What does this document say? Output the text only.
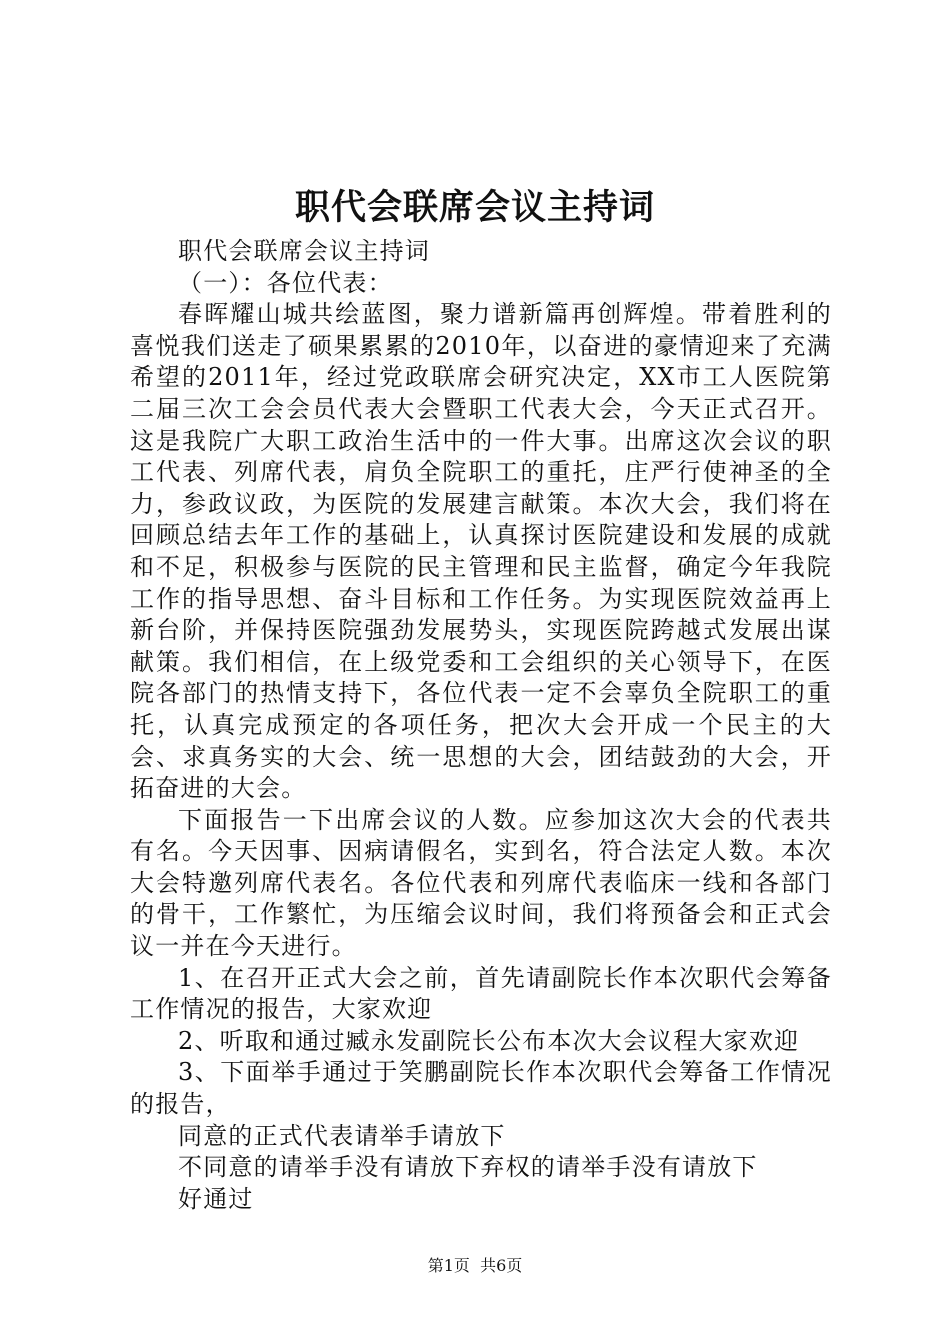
职代会联席会议主持词

职代会联席会议主持词

（一）：各位代表：

春晖耀山城共绘蓝图，聚力谱新篇再创辉煌。带着胜利的喜悦我们送走了硕果累累的2010年，以奋进的豪情迎来了充满希望的2011年，经过党政联席会研究决定，XX市工人医院第二届三次工会会员代表大会暨职工代表大会，今天正式召开。这是我院广大职工政治生活中的一件大事。出席这次会议的职工代表、列席代表，肩负全院职工的重托，庄严行使神圣的全力，参政议政，为医院的发展建言献策。本次大会，我们将在回顾总结去年工作的基础上，认真探讨医院建设和发展的成就和不足，积极参与医院的民主管理和民主监督，确定今年我院工作的指导思想、奋斗目标和工作任务。为实现医院效益再上新台阶，并保持医院强劲发展势头，实现医院跨越式发展出谋献策。我们相信，在上级党委和工会组织的关心领导下，在医院各部门的热情支持下，各位代表一定不会辜负全院职工的重托，认真完成预定的各项任务，把次大会开成一个民主的大会、求真务实的大会、统一思想的大会，团结鼓劲的大会，开拓奋进的大会。

下面报告一下出席会议的人数。应参加这次大会的代表共有名。今天因事、因病请假名，实到名，符合法定人数。本次大会特邀列席代表名。各位代表和列席代表临床一线和各部门的骨干，工作繁忙，为压缩会议时间，我们将预备会和正式会议一并在今天进行。

1、在召开正式大会之前，首先请副院长作本次职代会筹备工作情况的报告，大家欢迎

2、听取和通过臧永发副院长公布本次大会议程大家欢迎

3、下面举手通过于笑鹏副院长作本次职代会筹备工作情况的报告，

同意的正式代表请举手请放下

不同意的请举手没有请放下弃权的请举手没有请放下

好通过

第1页 共6页
